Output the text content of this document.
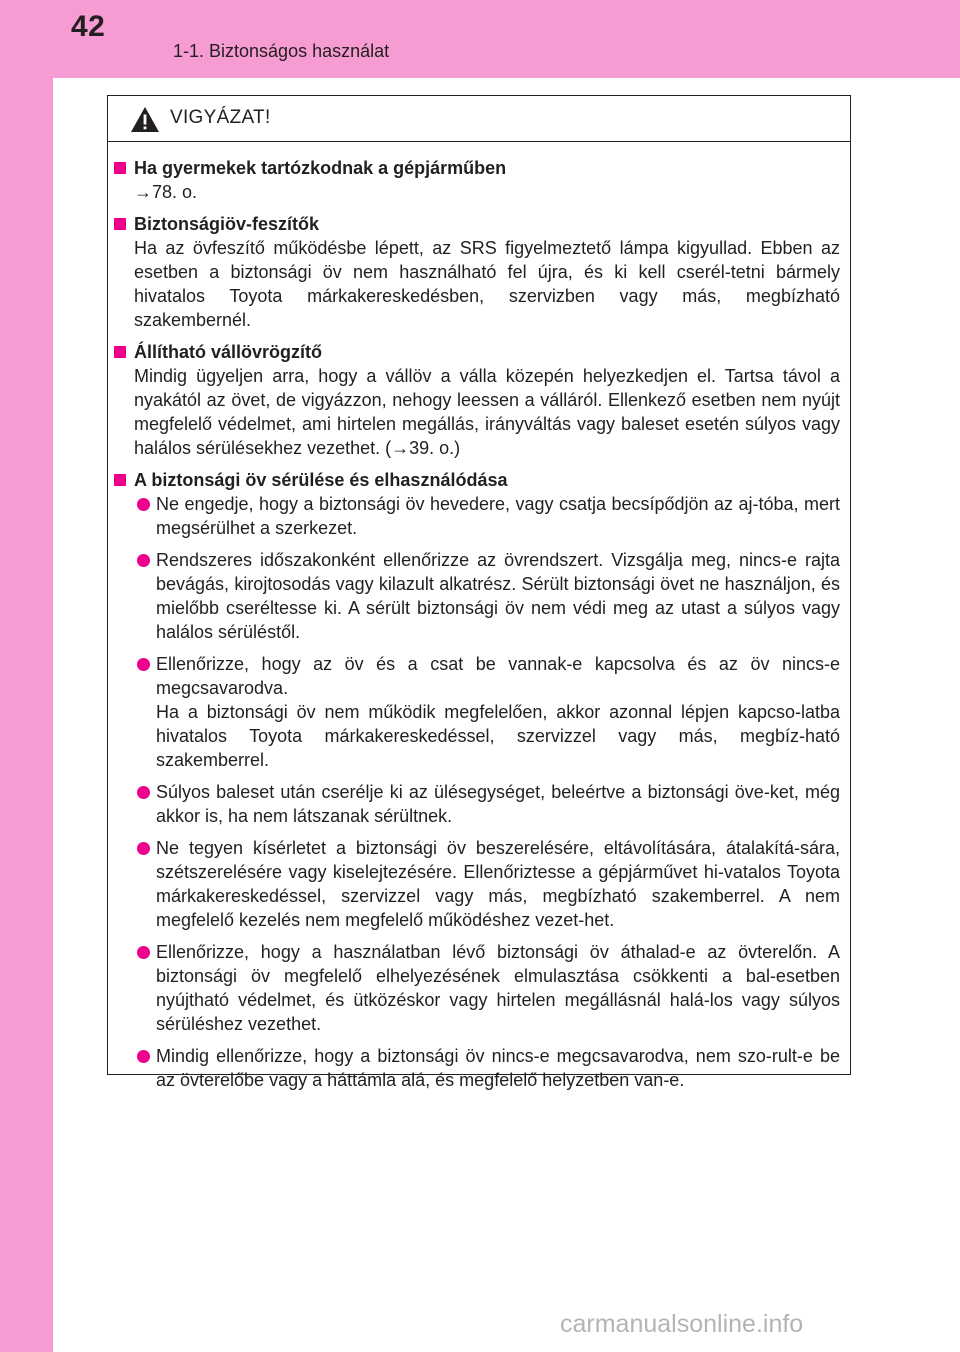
42
1-1. Biztonságos használat
VIGYÁZAT!
Ha gyermekek tartózkodnak a gépjárműben

→78. o.

Biztonságiöv-feszítők

Ha az övfeszítő működésbe lépett, az SRS figyelmeztető lámpa kigyullad. Ebben az esetben a biztonsági öv nem használható fel újra, és ki kell cserél-tetni bármely hivatalos Toyota márkakereskedésben, szervizben vagy más, megbízható szakembernél.

Állítható vállövrögzítő

Mindig ügyeljen arra, hogy a vállöv a válla közepén helyezkedjen el. Tartsa távol a nyakától az övet, de vigyázzon, nehogy leessen a válláról. Ellenkező esetben nem nyújt megfelelő védelmet, ami hirtelen megállás, irányváltás vagy baleset esetén súlyos vagy halálos sérülésekhez vezethet. (→39. o.)

A biztonsági öv sérülése és elhasználódása

Ne engedje, hogy a biztonsági öv hevedere, vagy csatja becsípődjön az aj-tóba, mert megsérülhet a szerkezet.

Rendszeres időszakonként ellenőrizze az övrendszert. Vizsgálja meg, nincs-e rajta bevágás, kirojtosodás vagy kilazult alkatrész. Sérült biztonsági övet ne használjon, és mielőbb cseréltesse ki. A sérült biztonsági öv nem védi meg az utast a súlyos vagy halálos sérüléstől.

Ellenőrizze, hogy az öv és a csat be vannak-e kapcsolva és az öv nincs-e megcsavarodva.
Ha a biztonsági öv nem működik megfelelően, akkor azonnal lépjen kapcso-latba hivatalos Toyota márkakereskedéssel, szervizzel vagy más, megbíz-ható szakemberrel.

Súlyos baleset után cserélje ki az ülésegységet, beleértve a biztonsági öve-ket, még akkor is, ha nem látszanak sérültnek.

Ne tegyen kísérletet a biztonsági öv beszerelésére, eltávolítására, átalakítá-sára, szétszerelésére vagy kiselejtezésére. Ellenőriztesse a gépjárművet hi-vatalos Toyota márkakereskedéssel, szervizzel vagy más, megbízható szakemberrel. A nem megfelelő kezelés nem megfelelő működéshez vezet-het.

Ellenőrizze, hogy a használatban lévő biztonsági öv áthalad-e az övterelőn. A biztonsági öv megfelelő elhelyezésének elmulasztása csökkenti a bal-esetben nyújtható védelmet, és ütközéskor vagy hirtelen megállásnál halá-los vagy súlyos sérüléshez vezethet.

Mindig ellenőrizze, hogy a biztonsági öv nincs-e megcsavarodva, nem szo-rult-e be az övterelőbe vagy a háttámla alá, és megfelelő helyzetben van-e.

carmanualsonline.info
